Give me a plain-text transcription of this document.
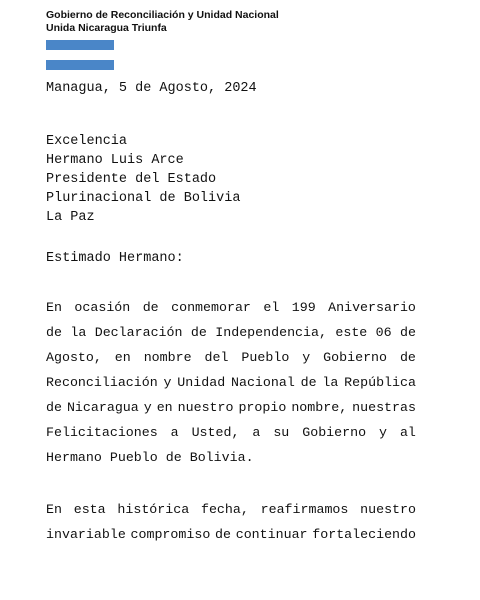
Gobierno de Reconciliación y Unidad Nacional
Unida Nicaragua Triunfa
Managua, 5 de Agosto, 2024
Excelencia
Hermano Luis Arce
Presidente del Estado
Plurinacional de Bolivia
La Paz
Estimado Hermano:
En ocasión de conmemorar el 199 Aniversario
de la Declaración de Independencia, este 06 de
Agosto, en nombre del Pueblo y Gobierno de
Reconciliación y Unidad Nacional de la República
de Nicaragua y en nuestro propio nombre, nuestras
Felicitaciones a Usted, a su Gobierno y al
Hermano Pueblo de Bolivia.
En esta histórica fecha, reafirmamos nuestro
invariable compromiso de continuar fortaleciendo
